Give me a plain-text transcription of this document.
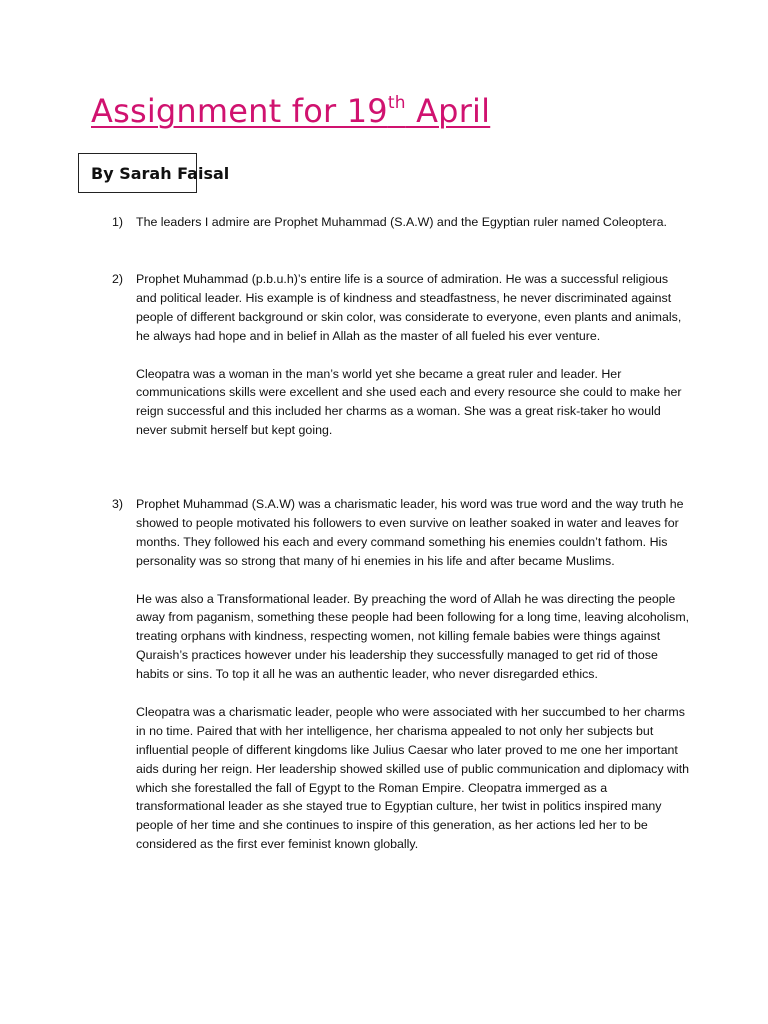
Assignment for 19th April
By Sarah Faisal
1) The leaders I admire are Prophet Muhammad (S.A.W) and the Egyptian ruler named Coleoptera.

2) Prophet Muhammad (p.b.u.h)’s entire life is a source of admiration. He was a successful religious and political leader. His example is of kindness and steadfastness, he never discriminated against people of different background or skin color, was considerate to everyone, even plants and animals, he always had hope and in belief in Allah as the master of all fueled his ever venture.

Cleopatra was a woman in the man’s world yet she became a great ruler and leader. Her communications skills were excellent and she used each and every resource she could to make her reign successful and this included her charms as a woman. She was a great risk-taker ho would never submit herself but kept going.

3) Prophet Muhammad (S.A.W) was a charismatic leader, his word was true word and the way truth he showed to people motivated his followers to even survive on leather soaked in water and leaves for months. They followed his each and every command something his enemies couldn’t fathom. His personality was so strong that many of hi enemies in his life and after became Muslims.

He was also a Transformational leader. By preaching the word of Allah he was directing the people away from paganism, something these people had been following for a long time, leaving alcoholism, treating orphans with kindness, respecting women, not killing female babies were things against Quraish’s practices however under his leadership they successfully managed to get rid of those habits or sins. To top it all he was an authentic leader, who never disregarded ethics.

Cleopatra was a charismatic leader, people who were associated with her succumbed to her charms in no time. Paired that with her intelligence, her charisma appealed to not only her subjects but influential people of different kingdoms like Julius Caesar who later proved to me one her important aids during her reign. Her leadership showed skilled use of public communication and diplomacy with which she forestalled the fall of Egypt to the Roman Empire. Cleopatra immerged as a transformational leader as she stayed true to Egyptian culture, her twist in politics inspired many people of her time and she continues to inspire of this generation, as her actions led her to be considered as the first ever feminist known globally.
